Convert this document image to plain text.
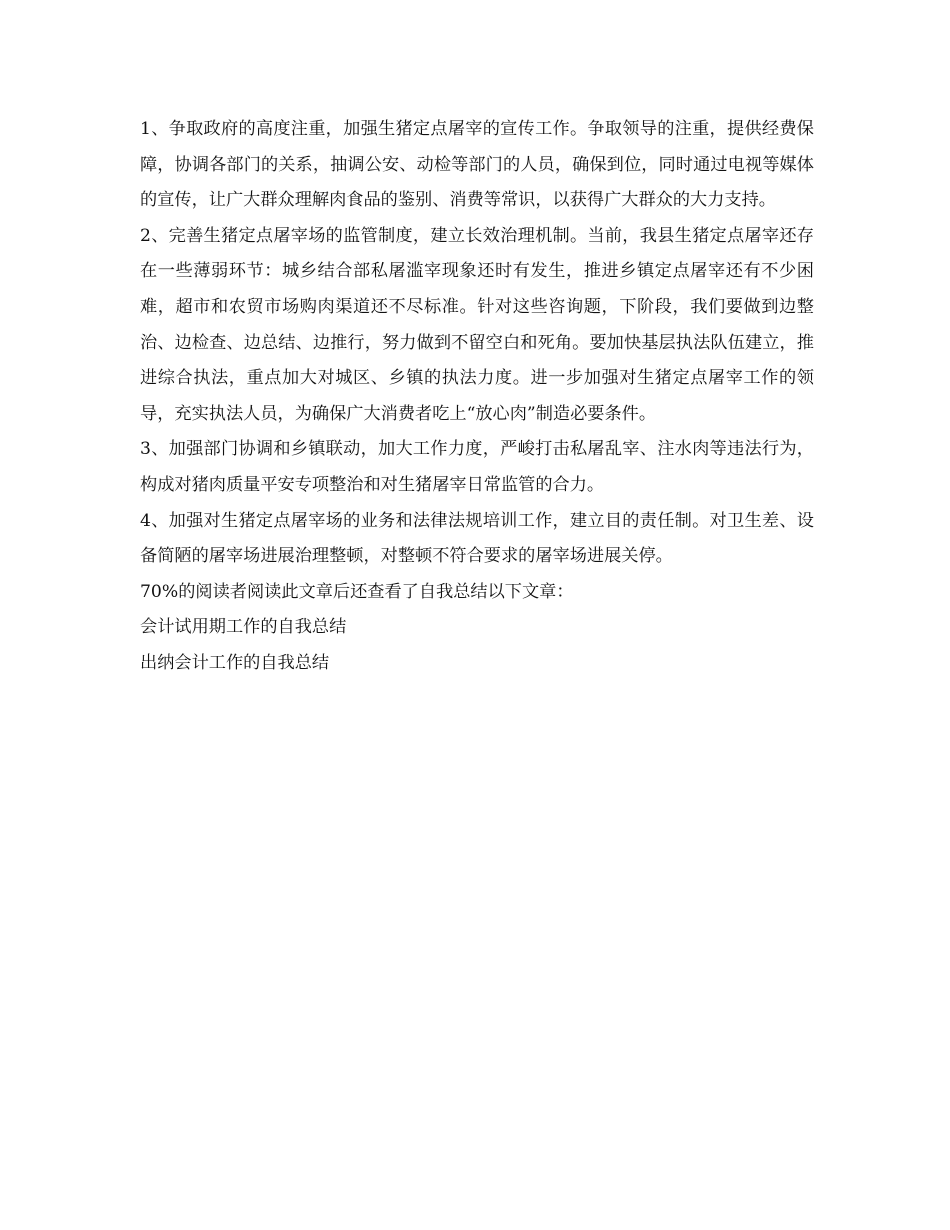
1、争取政府的高度注重，加强生猪定点屠宰的宣传工作。争取领导的注重，提供经费保障，协调各部门的关系，抽调公安、动检等部门的人员，确保到位，同时通过电视等媒体的宣传，让广大群众理解肉食品的鉴别、消费等常识，以获得广大群众的大力支持。

2、完善生猪定点屠宰场的监管制度，建立长效治理机制。当前，我县生猪定点屠宰还存在一些薄弱环节：城乡结合部私屠滥宰现象还时有发生，推进乡镇定点屠宰还有不少困难，超市和农贸市场购肉渠道还不尽标准。针对这些咨询题，下阶段，我们要做到边整治、边检查、边总结、边推行，努力做到不留空白和死角。要加快基层执法队伍建立，推进综合执法，重点加大对城区、乡镇的执法力度。进一步加强对生猪定点屠宰工作的领导，充实执法人员，为确保广大消费者吃上“放心肉”制造必要条件。

3、加强部门协调和乡镇联动，加大工作力度，严峻打击私屠乱宰、注水肉等违法行为，构成对猪肉质量平安专项整治和对生猪屠宰日常监管的合力。

4、加强对生猪定点屠宰场的业务和法律法规培训工作，建立目的责任制。对卫生差、设备简陋的屠宰场进展治理整顿，对整顿不符合要求的屠宰场进展关停。

70%的阅读者阅读此文章后还查看了自我总结以下文章：

会计试用期工作的自我总结

出纳会计工作的自我总结
